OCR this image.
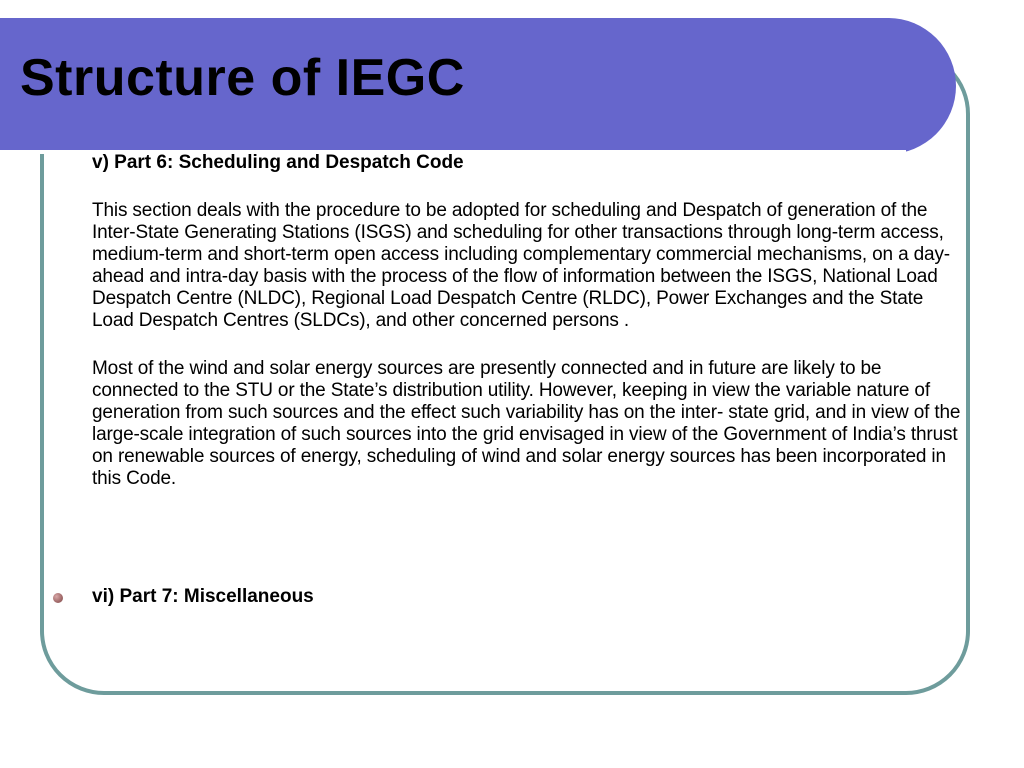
Structure of IEGC

v) Part 6: Scheduling and Despatch Code

This section deals with the procedure to be adopted for scheduling and Despatch of generation of the Inter-State Generating Stations (ISGS) and scheduling for other transactions through long-term access, medium-term and short-term open access including complementary commercial mechanisms, on a day-ahead and intra-day basis with the process of the flow of information between the ISGS, National Load Despatch Centre (NLDC), Regional Load Despatch Centre (RLDC), Power Exchanges and the State Load Despatch Centres (SLDCs), and other concerned persons .

Most of the wind and solar energy sources are presently connected and in future are likely to be connected to the STU or the State’s distribution utility. However, keeping in view the variable nature of generation from such sources and the effect such variability has on the inter- state grid, and in view of the large-scale integration of such sources into the grid envisaged in view of the Government of India’s thrust on renewable sources of energy, scheduling of wind and solar energy sources has been incorporated in this Code.

vi) Part 7: Miscellaneous
